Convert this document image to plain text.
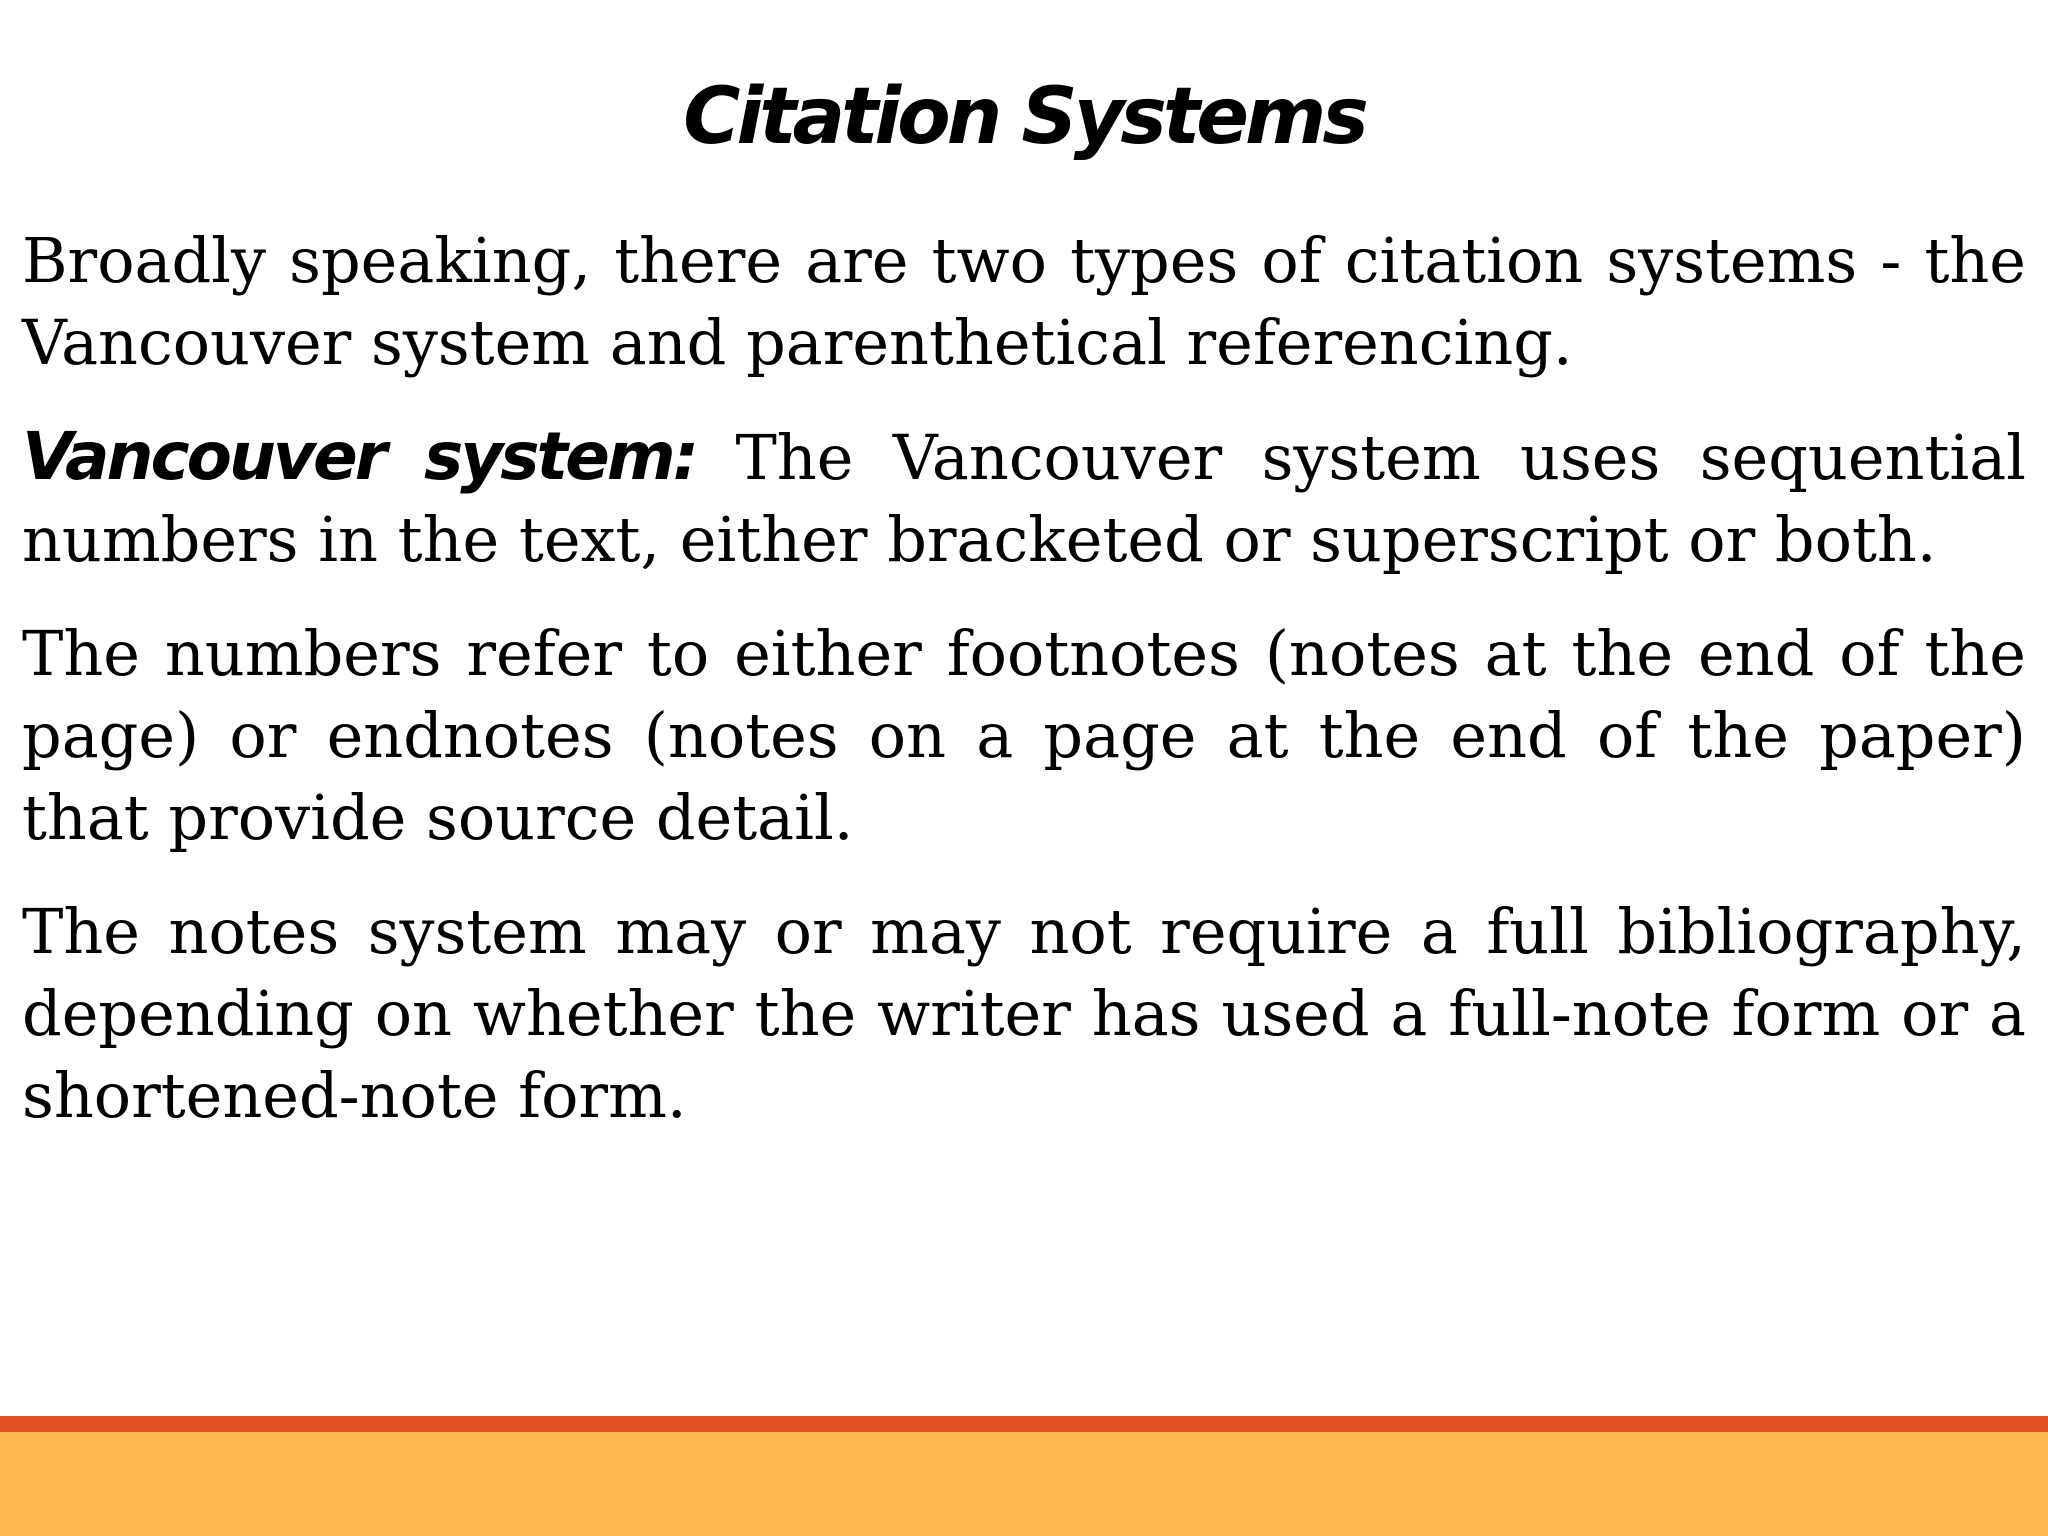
Citation Systems

Broadly speaking, there are two types of citation systems - the Vancouver system and parenthetical referencing.

Vancouver system: The Vancouver system uses sequential numbers in the text, either bracketed or superscript or both.

The numbers refer to either footnotes (notes at the end of the page) or endnotes (notes on a page at the end of the paper) that provide source detail.

The notes system may or may not require a full bibliography, depending on whether the writer has used a full-note form or a shortened-note form.
